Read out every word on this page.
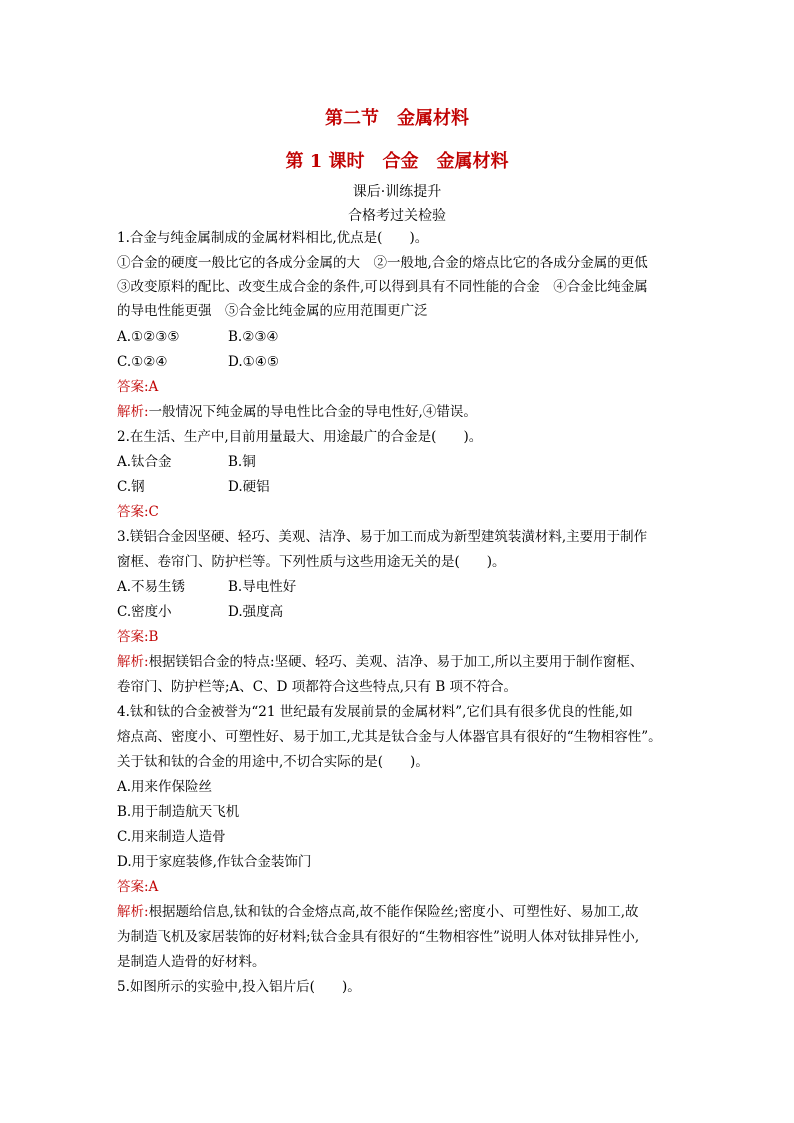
第二节　金属材料
第 1 课时　合金　金属材料
课后·训练提升
合格考过关检验
1.合金与纯金属制成的金属材料相比,优点是(　　)。
①合金的硬度一般比它的各成分金属的大　②一般地,合金的熔点比它的各成分金属的更低
③改变原料的配比、改变生成合金的条件,可以得到具有不同性能的合金　④合金比纯金属
的导电性能更强　⑤合金比纯金属的应用范围更广泛
A.①②③⑤	B.②③④
C.①②④	D.①④⑤
答案:A
解析:一般情况下纯金属的导电性比合金的导电性好,④错误。
2.在生活、生产中,目前用量最大、用途最广的合金是(　　)。
A.钛合金	B.铜
C.钢	D.硬铝
答案:C
3.镁铝合金因坚硬、轻巧、美观、洁净、易于加工而成为新型建筑装潢材料,主要用于制作
窗框、卷帘门、防护栏等。下列性质与这些用途无关的是(　　)。
A.不易生锈	B.导电性好
C.密度小	D.强度高
答案:B
解析:根据镁铝合金的特点:坚硬、轻巧、美观、洁净、易于加工,所以主要用于制作窗框、
卷帘门、防护栏等;A、C、D 项都符合这些特点,只有 B 项不符合。
4.钛和钛的合金被誉为“21 世纪最有发展前景的金属材料”,它们具有很多优良的性能,如
熔点高、密度小、可塑性好、易于加工,尤其是钛合金与人体器官具有很好的“生物相容性”。
关于钛和钛的合金的用途中,不切合实际的是(　　)。
A.用来作保险丝
B.用于制造航天飞机
C.用来制造人造骨
D.用于家庭装修,作钛合金装饰门
答案:A
解析:根据题给信息,钛和钛的合金熔点高,故不能作保险丝;密度小、可塑性好、易加工,故
为制造飞机及家居装饰的好材料;钛合金具有很好的“生物相容性”说明人体对钛排异性小,
是制造人造骨的好材料。
5.如图所示的实验中,投入铝片后(　　)。
